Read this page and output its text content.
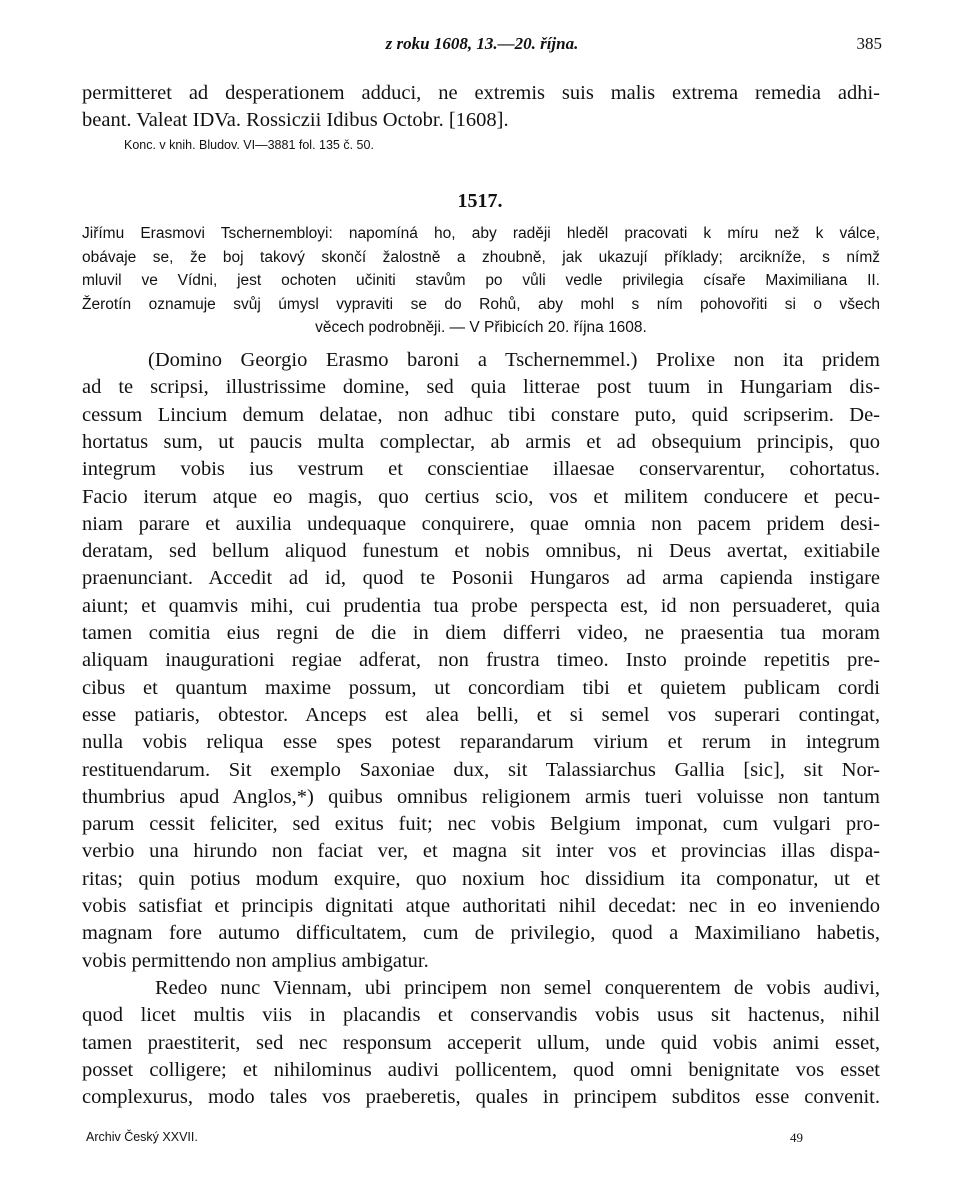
z roku 1608, 13.—20. října.	385
permitteret ad desperationem adduci, ne extremis suis malis extrema remedia adhi-
beant. Valeat IDVa. Rossiczii Idibus Octobr. [1608].
Konc. v knih. Bludov. VI—3881 fol. 135 č. 50.
1517.
Jiřímu Erasmovi Tschernembloyi: napomíná ho, aby raději hleděl pracovati k míru než k válce,
obávaje se, že boj takový skončí žalostně a zhoubně, jak ukazují příklady; arcikníže, s nímž
mluvil ve Vídni, jest ochoten učiniti stavům po vůli vedle privilegia císaře Maximiliana II.
Žerotín oznamuje svůj úmysl vypraviti se do Rohů, aby mohl s ním pohovořiti si o všech
věcech podrobněji. — V Přibicích 20. října 1608.
(Domino Georgio Erasmo baroni a Tschernemmel.) Prolixe non ita pridem
ad te scripsi, illustrissime domine, sed quia litterae post tuum in Hungariam dis-
cessum Lincium demum delatae, non adhuc tibi constare puto, quid scripserim. De-
hortatus sum, ut paucis multa complectar, ab armis et ad obsequium principis, quo
integrum vobis ius vestrum et conscientiae illaesae conservarentur, cohortatus.
Facio iterum atque eo magis, quo certius scio, vos et militem conducere et pecu-
niam parare et auxilia undequaque conquirere, quae omnia non pacem pridem desi-
deratam, sed bellum aliquod funestum et nobis omnibus, ni Deus avertat, exitiabile
praenunciant. Accedit ad id, quod te Posonii Hungaros ad arma capienda instigare
aiunt; et quamvis mihi, cui prudentia tua probe perspecta est, id non persuaderet, quia
tamen comitia eius regni de die in diem differri video, ne praesentia tua moram
aliquam inaugurationi regiae adferat, non frustra timeo. Insto proinde repetitis pre-
cibus et quantum maxime possum, ut concordiam tibi et quietem publicam cordi
esse patiaris, obtestor. Anceps est alea belli, et si semel vos superari contingat,
nulla vobis reliqua esse spes potest reparandarum virium et rerum in integrum
restituendarum. Sit exemplo Saxoniae dux, sit Talassiarchus Gallia [sic], sit Nor-
thumbrius apud Anglos,*) quibus omnibus religionem armis tueri voluisse non tantum
parum cessit feliciter, sed exitus fuit; nec vobis Belgium imponat, cum vulgari pro-
verbio una hirundo non faciat ver, et magna sit inter vos et provincias illas dispa-
ritas; quin potius modum exquire, quo noxium hoc dissidium ita componatur, ut et
vobis satisfiat et principis dignitati atque authoritati nihil decedat: nec in eo inveniendo
magnam fore autumo difficultatem, cum de privilegio, quod a Maximiliano habetis,
vobis permittendo non amplius ambigatur.
Redeo nunc Viennam, ubi principem non semel conquerentem de vobis audivi,
quod licet multis viis in placandis et conservandis vobis usus sit hactenus, nihil
tamen praestiterit, sed nec responsum acceperit ullum, unde quid vobis animi esset,
posset colligere; et nihilominus audivi pollicentem, quod omni benignitate vos esset
complexurus, modo tales vos praeberetis, quales in principem subditos esse convenit.
Archiv Český XXVII.	49
